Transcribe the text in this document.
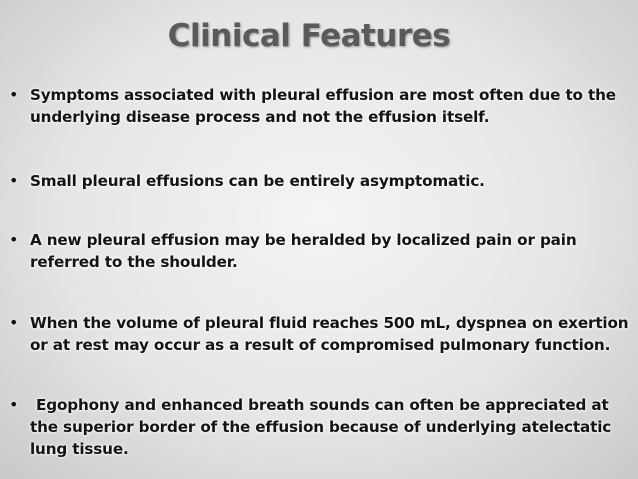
Clinical Features
• Symptoms associated with pleural effusion are most often due to the underlying disease process and not the effusion itself.
• Small pleural effusions can be entirely asymptomatic.
• A new pleural effusion may be heralded by localized pain or pain referred to the shoulder.
• When the volume of pleural fluid reaches 500 mL, dyspnea on exertion or at rest may occur as a result of compromised pulmonary function.
•	Egophony and enhanced breath sounds can often be appreciated at the superior border of the effusion because of underlying atelectatic lung tissue.
